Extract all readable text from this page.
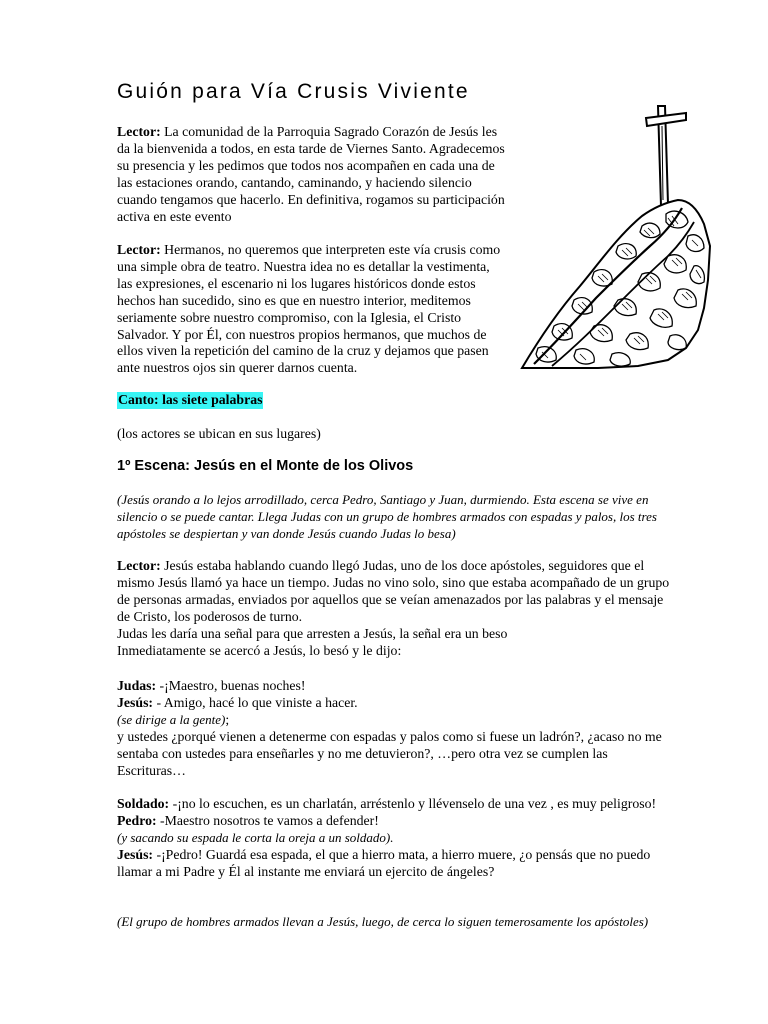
Guión para Vía Crusis Viviente

Lector: La comunidad de la Parroquia Sagrado Corazón de Jesús les da la bienvenida a todos, en esta tarde de Viernes Santo. Agradecemos su presencia y les pedimos que todos nos acompañen en cada una de las estaciones orando, cantando, caminando, y haciendo silencio cuando tengamos que hacerlo. En definitiva, rogamos su participación activa en este evento

Lector: Hermanos, no queremos que interpreten este vía crusis como una simple obra de teatro. Nuestra idea no es detallar la vestimenta, las expresiones, el escenario ni los lugares históricos donde estos hechos han sucedido, sino es que en nuestro interior, meditemos seriamente sobre nuestro compromiso, con la Iglesia, el Cristo Salvador. Y por Él, con nuestros propios hermanos, que muchos de ellos viven la repetición del camino de la cruz y dejamos que pasen ante nuestros ojos sin querer darnos cuenta.

Canto: las siete palabras
(los actores se ubican en sus lugares)
1º Escena: Jesús en el Monte de los Olivos

(Jesús orando a lo lejos arrodillado, cerca Pedro, Santiago y Juan, durmiendo. Esta escena se vive en silencio o se puede cantar. Llega Judas con un grupo de hombres armados con espadas y palos, los tres apóstoles se despiertan y van donde Jesús cuando Judas lo besa)

Lector: Jesús estaba hablando cuando llegó Judas, uno de los doce apóstoles, seguidores que el mismo Jesús llamó ya hace un tiempo. Judas no vino solo, sino que estaba acompañado de un grupo de personas armadas, enviados por aquellos que se veían amenazados por las palabras y el mensaje de Cristo, los poderosos de turno.

Judas les daría una señal para que arresten a Jesús, la señal era un beso

Inmediatamente se acercó a Jesús, lo besó y le dijo:

Judas: -¡Maestro, buenas noches!

Jesús: - Amigo, hacé lo que viniste a hacer.

(se dirige a la gente);

y ustedes ¿porqué vienen a detenerme con espadas y palos como si fuese un ladrón?, ¿acaso no me sentaba con ustedes para enseñarles y no me detuvieron?, …pero otra vez se cumplen las Escrituras…

Soldado: -¡no lo escuchen, es un charlatán, arréstenlo y llévenselo de una vez , es muy peligroso!

Pedro: -Maestro nosotros te vamos a defender!

(y sacando su espada le corta la oreja a un soldado).

Jesús: -¡Pedro! Guardá esa espada, el que a hierro mata, a hierro muere, ¿o pensás que no puedo llamar a mi Padre y Él al instante me enviará un ejercito de ángeles?

(El grupo de hombres armados llevan a Jesús, luego, de cerca lo siguen temerosamente los apóstoles)
